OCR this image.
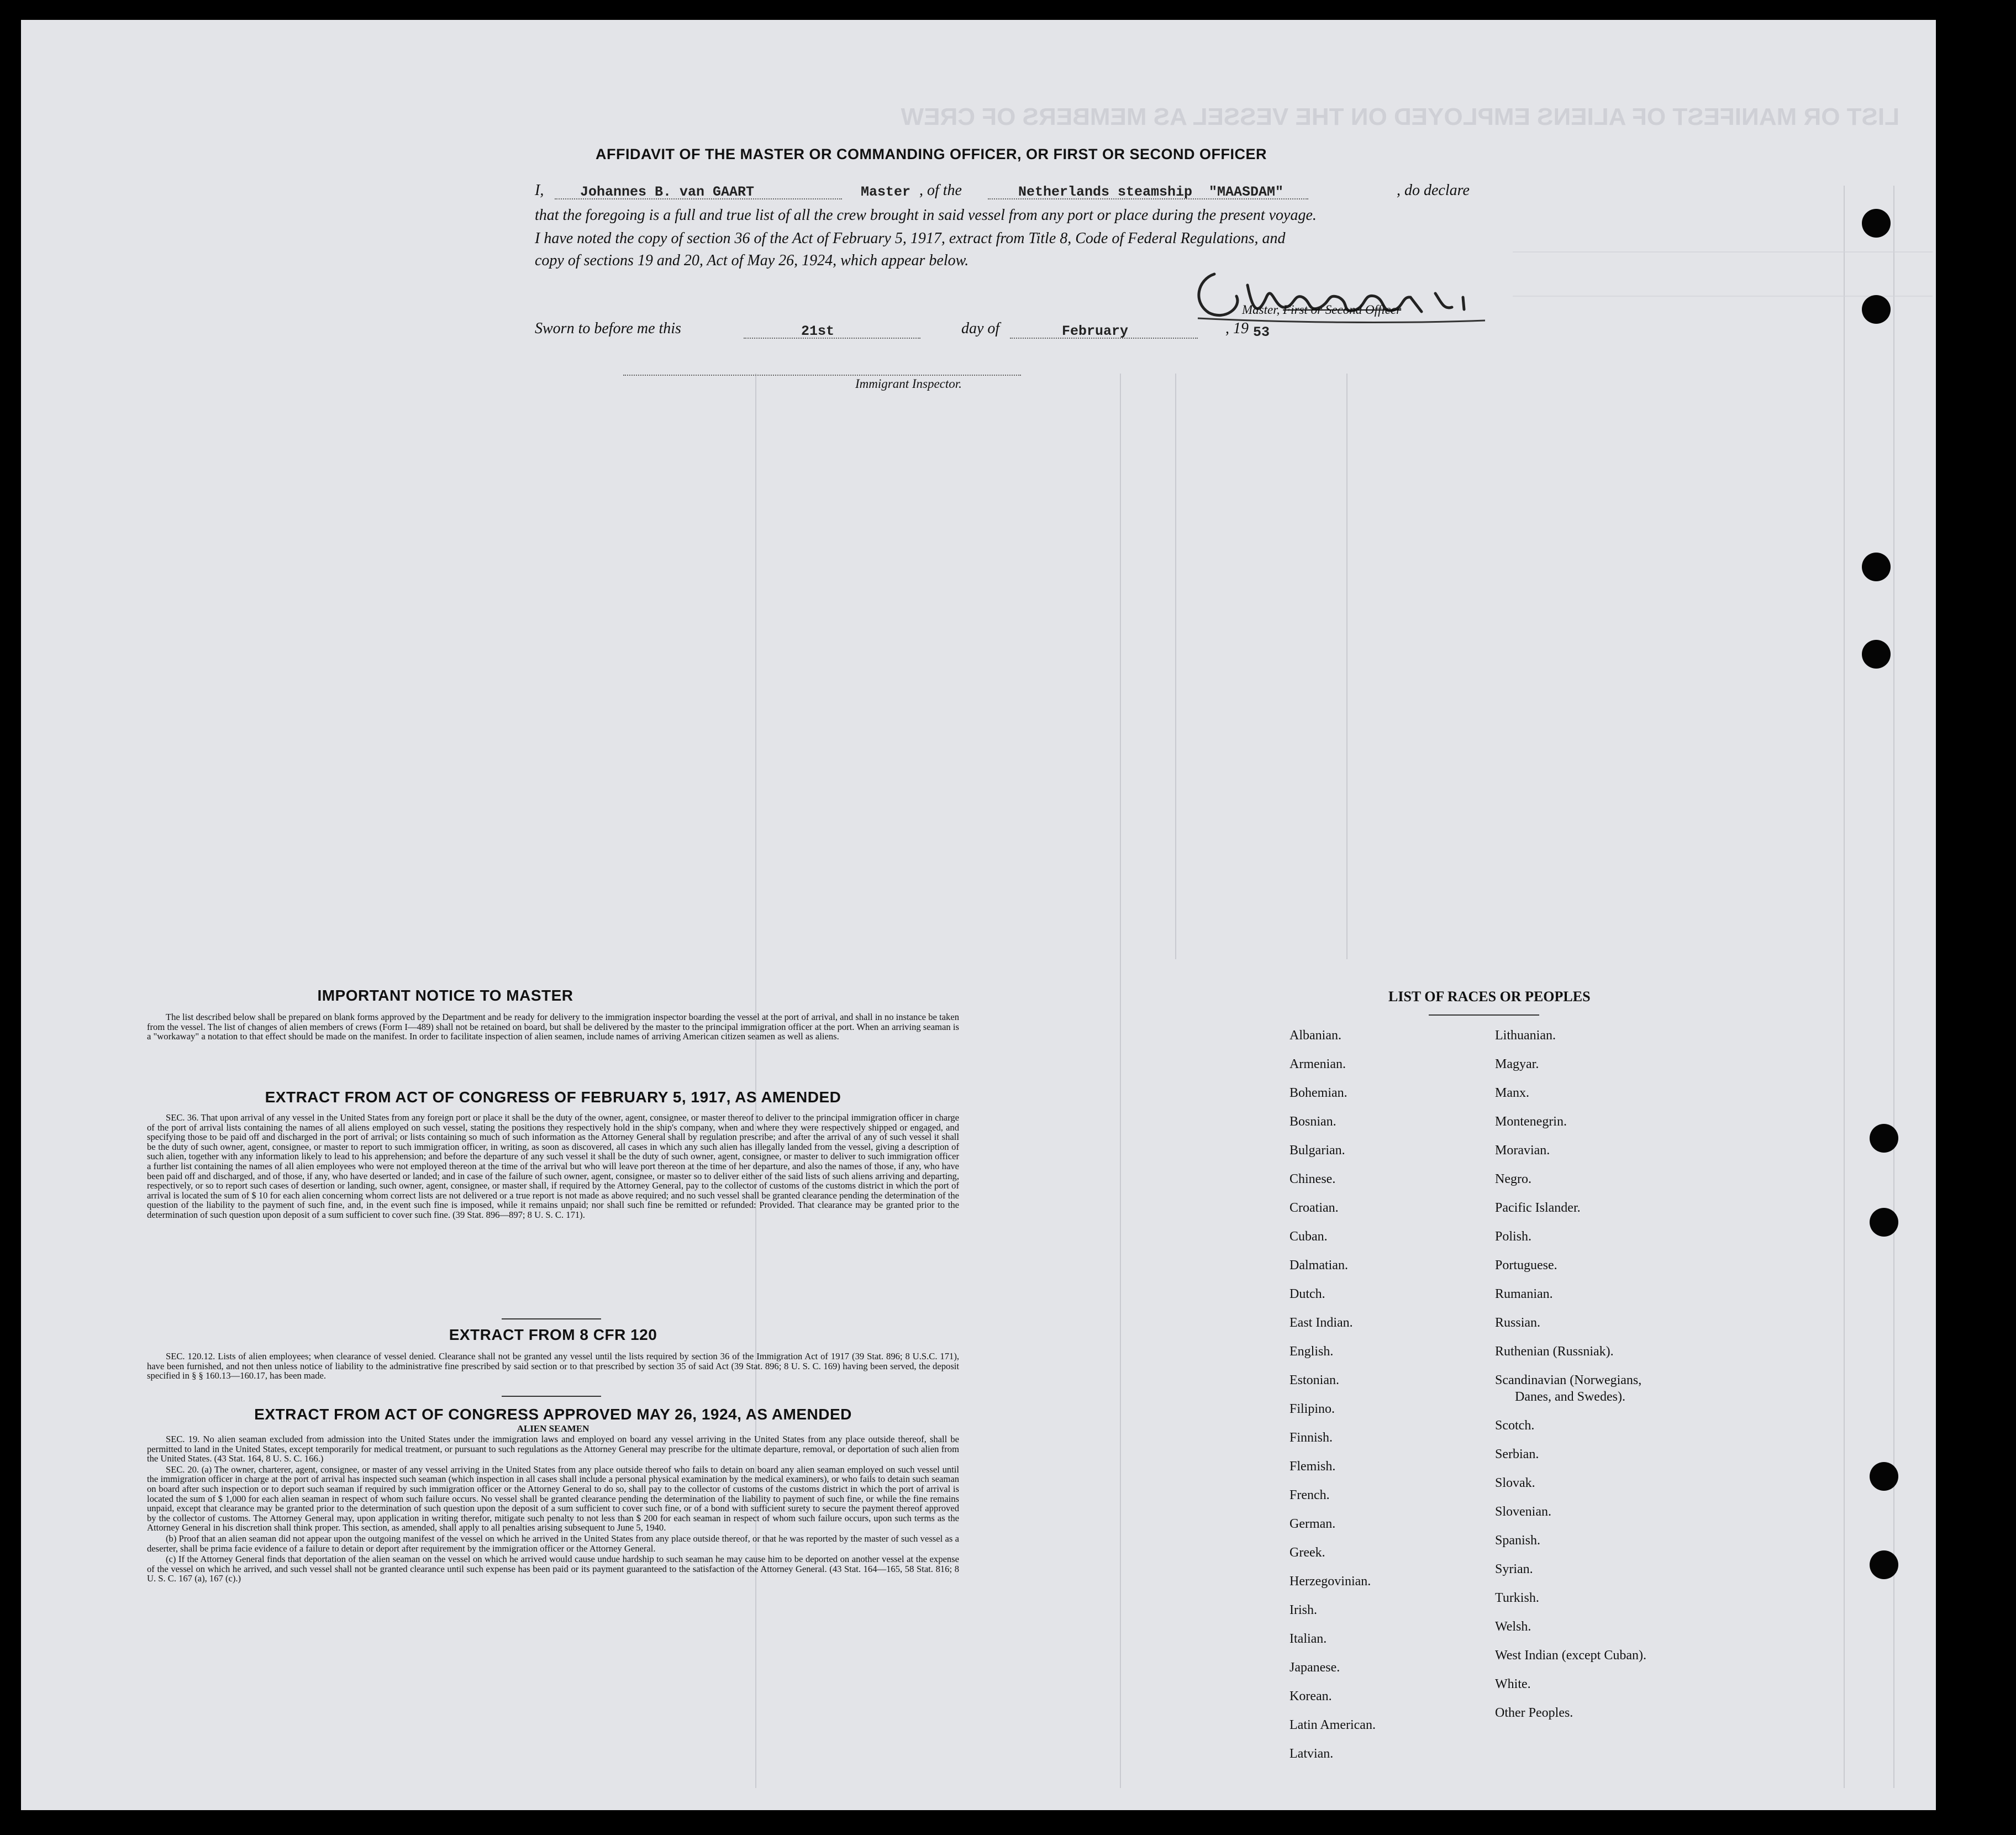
LIST OR MANIFEST OF ALIENS EMPLOYED ON THE VESSEL AS MEMBERS OF CREW
AFFIDAVIT OF THE MASTER OR COMMANDING OFFICER, OR FIRST OR SECOND OFFICER
I,	Johannes B. van GAART	Master , of the	Netherlands steamship "MAASDAM"	, do declare
that the foregoing is a full and true list of all the crew brought in said vessel from any port or place during the present voyage.
I have noted the copy of section 36 of the Act of February 5, 1917, extract from Title 8, Code of Federal Regulations, and
copy of sections 19 and 20, Act of May 26, 1924, which appear below.
Master, First or Second Officer
Sworn to before me this	21st	day of	February	, 19 53
Immigrant Inspector.
IMPORTANT NOTICE TO MASTER

The list described below shall be prepared on blank forms approved by the Department and be ready for delivery to the immigration inspector boarding the vessel at the port of arrival, and shall in no instance be taken from the vessel. The list of changes of alien members of crews (Form I—489) shall not be retained on board, but shall be delivered by the master to the principal immigration officer at the port. When an arriving seaman is a "workaway" a notation to that effect should be made on the manifest. In order to facilitate inspection of alien seamen, include names of arriving American citizen seamen as well as aliens.

EXTRACT FROM ACT OF CONGRESS OF FEBRUARY 5, 1917, AS AMENDED

SEC. 36. That upon arrival of any vessel in the United States from any foreign port or place it shall be the duty of the owner, agent, consignee, or master thereof to deliver to the principal immigration officer in charge of the port of arrival lists containing the names of all aliens employed on such vessel, stating the positions they respectively hold in the ship's company, when and where they were respectively shipped or engaged, and specifying those to be paid off and discharged in the port of arrival; or lists containing so much of such information as the Attorney General shall by regulation prescribe; and after the arrival of any of such vessel it shall be the duty of such owner, agent, consignee, or master to report to such immigration officer, in writing, as soon as discovered, all cases in which any such alien has illegally landed from the vessel, giving a description of such alien, together with any information likely to lead to his apprehension; and before the departure of any such vessel it shall be the duty of such owner, agent, consignee, or master to deliver to such immigration officer a further list containing the names of all alien employees who were not employed thereon at the time of the arrival but who will leave port thereon at the time of her departure, and also the names of those, if any, who have been paid off and discharged, and of those, if any, who have deserted or landed; and in case of the failure of such owner, agent, consignee, or master so to deliver either of the said lists of such aliens arriving and departing, respectively, or so to report such cases of desertion or landing, such owner, agent, consignee, or master shall, if required by the Attorney General, pay to the collector of customs of the customs district in which the port of arrival is located the sum of $ 10 for each alien concerning whom correct lists are not delivered or a true report is not made as above required; and no such vessel shall be granted clearance pending the determination of the question of the liability to the payment of such fine, and, in the event such fine is imposed, while it remains unpaid; nor shall such fine be remitted or refunded: Provided. That clearance may be granted prior to the determination of such question upon deposit of a sum sufficient to cover such fine. (39 Stat. 896—897; 8 U. S. C. 171).

EXTRACT FROM 8 CFR 120

SEC. 120.12. Lists of alien employees; when clearance of vessel denied. Clearance shall not be granted any vessel until the lists required by section 36 of the Immigration Act of 1917 (39 Stat. 896; 8 U.S.C. 171), have been furnished, and not then unless notice of liability to the administrative fine prescribed by said section or to that prescribed by section 35 of said Act (39 Stat. 896; 8 U. S. C. 169) having been served, the deposit specified in § § 160.13—160.17, has been made.

EXTRACT FROM ACT OF CONGRESS APPROVED MAY 26, 1924, AS AMENDED
ALIEN SEAMEN

SEC. 19. No alien seaman excluded from admission into the United States under the immigration laws and employed on board any vessel arriving in the United States from any place outside thereof, shall be permitted to land in the United States, except temporarily for medical treatment, or pursuant to such regulations as the Attorney General may prescribe for the ultimate departure, removal, or deportation of such alien from the United States. (43 Stat. 164, 8 U. S. C. 166.)

SEC. 20. (a) The owner, charterer, agent, consignee, or master of any vessel arriving in the United States from any place outside thereof who fails to detain on board any alien seaman employed on such vessel until the immigration officer in charge at the port of arrival has inspected such seaman (which inspection in all cases shall include a personal physical examination by the medical examiners), or who fails to detain such seaman on board after such inspection or to deport such seaman if required by such immigration officer or the Attorney General to do so, shall pay to the collector of customs of the customs district in which the port of arrival is located the sum of $ 1,000 for each alien seaman in respect of whom such failure occurs. No vessel shall be granted clearance pending the determination of the liability to payment of such fine, or while the fine remains unpaid, except that clearance may be granted prior to the determination of such question upon the deposit of a sum sufficient to cover such fine, or of a bond with sufficient surety to secure the payment thereof approved by the collector of customs. The Attorney General may, upon application in writing therefor, mitigate such penalty to not less than $ 200 for each seaman in respect of whom such failure occurs, upon such terms as the Attorney General in his discretion shall think proper. This section, as amended, shall apply to all penalties arising subsequent to June 5, 1940.

(b) Proof that an alien seaman did not appear upon the outgoing manifest of the vessel on which he arrived in the United States from any place outside thereof, or that he was reported by the master of such vessel as a deserter, shall be prima facie evidence of a failure to detain or deport after requirement by the immigration officer or the Attorney General.

(c) If the Attorney General finds that deportation of the alien seaman on the vessel on which he arrived would cause undue hardship to such seaman he may cause him to be deported on another vessel at the expense of the vessel on which he arrived, and such vessel shall not be granted clearance until such expense has been paid or its payment guaranteed to the satisfaction of the Attorney General. (43 Stat. 164—165, 58 Stat. 816; 8 U. S. C. 167 (a), 167 (c).)

LIST OF RACES OR PEOPLES
Albanian.
Armenian.
Bohemian.
Bosnian.
Bulgarian.
Chinese.
Croatian.
Cuban.
Dalmatian.
Dutch.
East Indian.
English.
Estonian.
Filipino.
Finnish.
Flemish.
French.
German.
Greek.
Herzegovinian.
Irish.
Italian.
Japanese.
Korean.
Latin American.
Latvian.
Lithuanian.
Magyar.
Manx.
Montenegrin.
Moravian.
Negro.
Pacific Islander.
Polish.
Portuguese.
Rumanian.
Russian.
Ruthenian (Russniak).
Scandinavian (Norwegians,
Danes, and Swedes).
Scotch.
Serbian.
Slovak.
Slovenian.
Spanish.
Syrian.
Turkish.
Welsh.
West Indian (except Cuban).
White.
Other Peoples.
